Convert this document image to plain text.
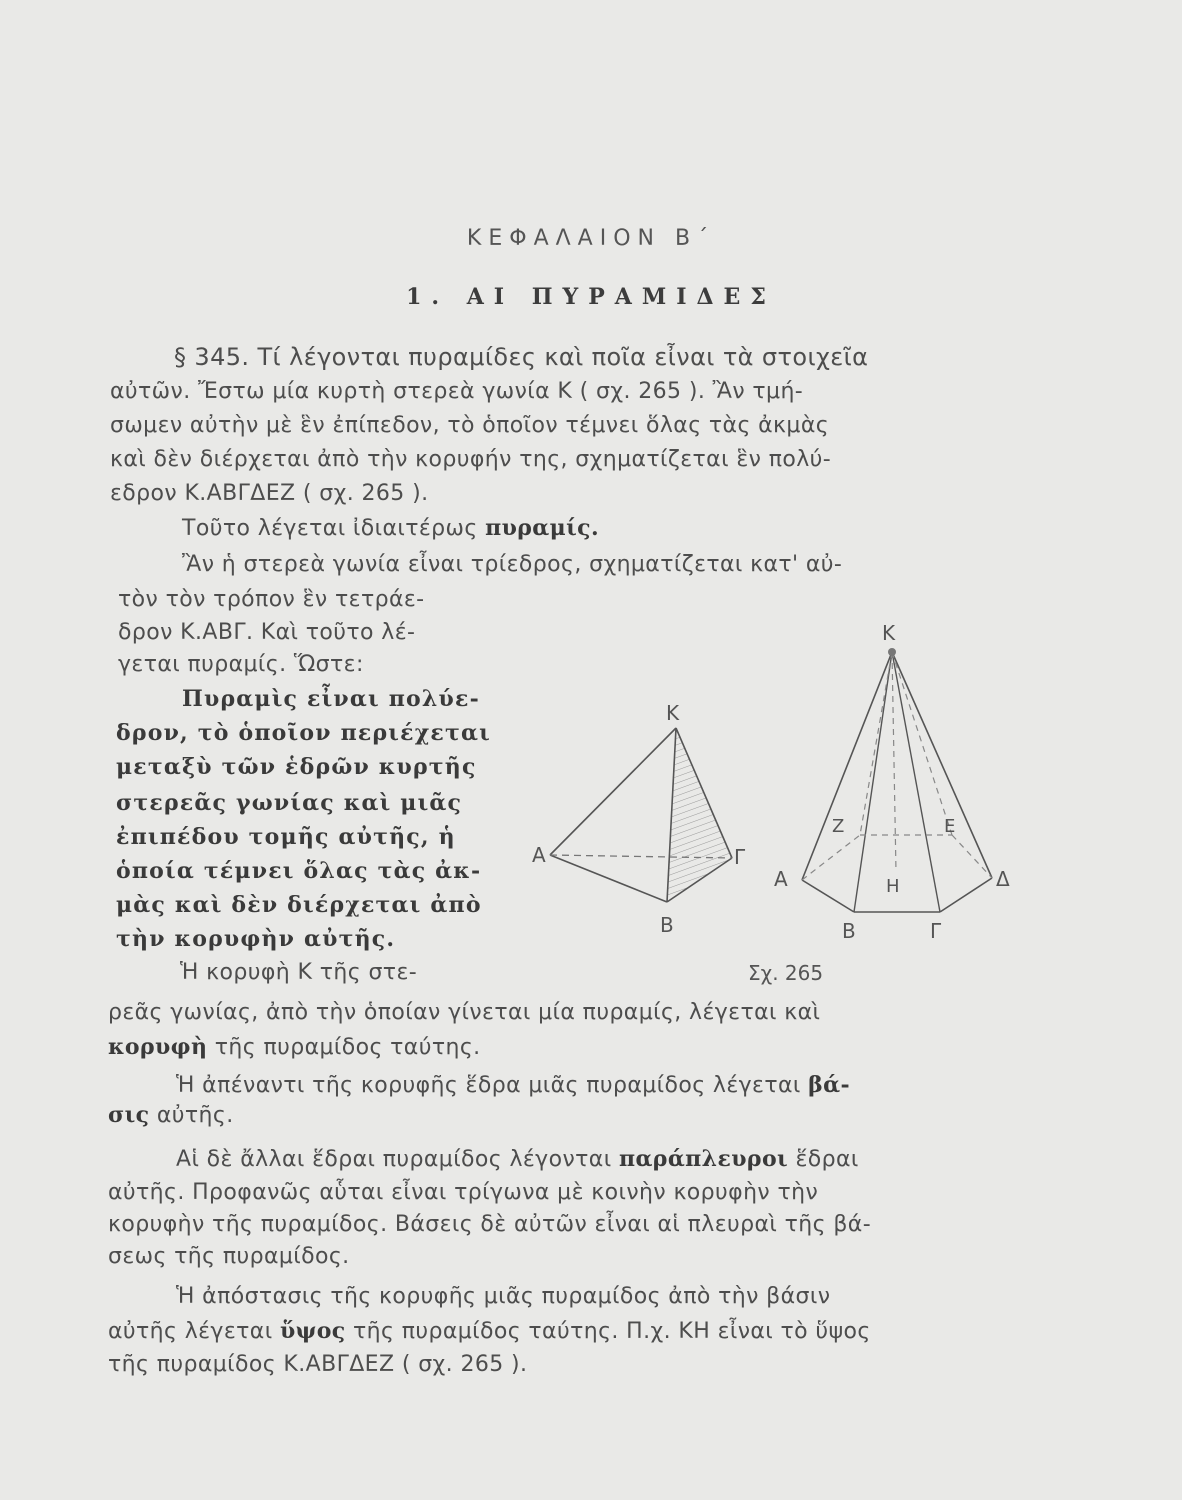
ΚΕΦΑΛΑΙΟΝ Β΄
1. ΑΙ ΠΥΡΑΜΙΔΕΣ
§ 345. Τί λέγονται πυραμίδες καὶ ποῖα εἶναι τὰ στοιχεῖα
αὐτῶν. Ἔστω μία κυρτὴ στερεὰ γωνία Κ ( σχ. 265 ). Ἂν τμή-
σωμεν αὐτὴν μὲ ἓν ἐπίπεδον, τὸ ὁποῖον τέμνει ὅλας τὰς ἀκμὰς
καὶ δὲν διέρχεται ἀπὸ τὴν κορυφήν της, σχηματίζεται ἓν πολύ-
εδρον Κ.ΑΒΓΔΕΖ ( σχ. 265 ).
Τοῦτο λέγεται ἰδιαιτέρως πυραμίς.
Ἂν ἡ στερεὰ γωνία εἶναι τρίεδρος, σχηματίζεται κατ' αὐ-
τὸν τὸν τρόπον ἓν τετράε-
δρον Κ.ΑΒΓ. Καὶ τοῦτο λέ-
γεται πυραμίς. Ὥστε:
Πυραμὶς εἶναι πολύε-
δρον, τὸ ὁποῖον περιέχεται
μεταξὺ τῶν ἑδρῶν κυρτῆς
στερεᾶς γωνίας καὶ μιᾶς
ἐπιπέδου τομῆς αὐτῆς, ἡ
ὁποία τέμνει ὅλας τὰς ἀκ-
μὰς καὶ δὲν διέρχεται ἀπὸ
τὴν κορυφὴν αὐτῆς.
Ἡ κορυφὴ Κ τῆς στε-
ρεᾶς γωνίας, ἀπὸ τὴν ὁποίαν γίνεται μία πυραμίς, λέγεται καὶ
κορυφὴ τῆς πυραμίδος ταύτης.
Ἡ ἀπέναντι τῆς κορυφῆς ἕδρα μιᾶς πυραμίδος λέγεται βά-
σις αὐτῆς.
Αἱ δὲ ἄλλαι ἕδραι πυραμίδος λέγονται παράπλευροι ἕδραι
αὐτῆς. Προφανῶς αὗται εἶναι τρίγωνα μὲ κοινὴν κορυφὴν τὴν
κορυφὴν τῆς πυραμίδος. Βάσεις δὲ αὐτῶν εἶναι αἱ πλευραὶ τῆς βά-
σεως τῆς πυραμίδος.
Ἡ ἀπόστασις τῆς κορυφῆς μιᾶς πυραμίδος ἀπὸ τὴν βάσιν
αὐτῆς λέγεται ὕψος τῆς πυραμίδος ταύτης. Π.χ. ΚΗ εἶναι τὸ ὕψος
τῆς πυραμίδος Κ.ΑΒΓΔΕΖ ( σχ. 265 ).
K
A
B
Γ
K
A
B	Γ
Δ
E
Z
H
Σχ. 265
